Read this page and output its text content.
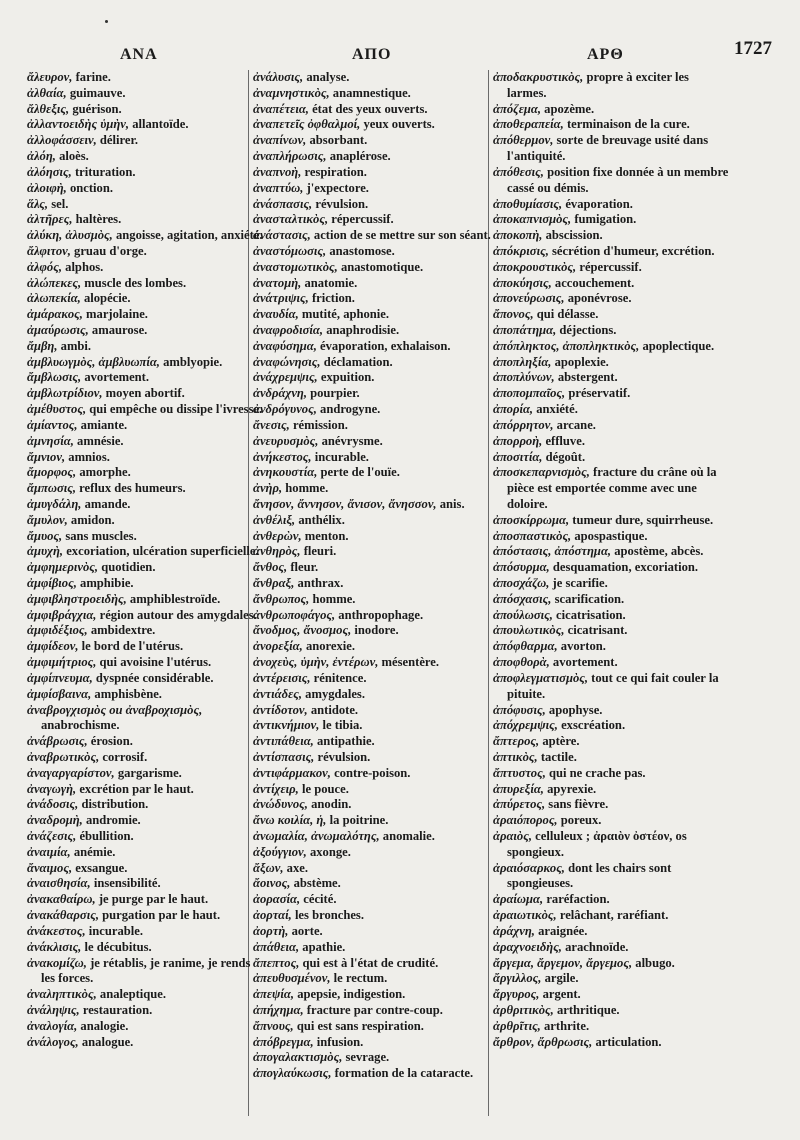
ANA	ΑΠΟ	ΑΡΘ	1727

ἄλευρον, farine.

ἀλθαία, guimauve.

ἄλθεξις, guérison.

ἀλλαντοειδὴς ὑμὴν, allantoïde.

ἀλλοφάσσειν, délirer.

ἀλόη, aloès.

ἀλόησις, trituration.

ἀλοιφὴ, onction.

ἅλς, sel.

ἀλτῆρες, haltères.

ἀλύκη, ἀλυσμὸς, angoisse, agitation, anxiété.

ἄλφιτον, gruau d'orge.

ἀλφός, alphos.

ἀλώπεκες, muscle des lombes.

ἀλωπεκία, alopécie.

ἀμάρακος, marjolaine.

ἀμαύρωσις, amaurose.

ἄμβη, ambi.

ἀμβλυωγμὸς, ἀμβλυωπία, amblyopie.

ἄμβλωσις, avortement.

ἀμβλωτρίδιον, moyen abortif.

ἀμέθυστος, qui empêche ou dissipe l'ivresse.

ἀμίαντος, amiante.

ἀμνησία, amnésie.

ἄμνιον, amnios.

ἄμορφος, amorphe.

ἄμπωσις, reflux des humeurs.

ἀμυγδάλη, amande.

ἄμυλον, amidon.

ἄμυος, sans muscles.

ἀμυχὴ, excoriation, ulcération superficielle.

ἀμφημερινὸς, quotidien.

ἀμφίβιος, amphibie.

ἀμφιβληστροειδὴς, amphiblestroïde.

ἀμφιβράγχια, région autour des amygdales.

ἀμφιδέξιος, ambidextre.

ἀμφίδεον, le bord de l'utérus.

ἀμφιμήτριος, qui avoisine l'utérus.

ἀμφίπνευμα, dyspnée considérable.

ἀμφίσβαινα, amphisbène.

ἀναβρογχισμὸς ou ἀναβροχισμὸς, anabrochisme.

ἀνάβρωσις, érosion.

ἀναβρωτικὸς, corrosif.

ἀναγαργαρίστον, gargarisme.

ἀναγωγὴ, excrétion par le haut.

ἀνάδοσις, distribution.

ἀναδρομὴ, andromie.

ἀνάζεσις, ébullition.

ἀναιμία, anémie.

ἄναιμος, exsangue.

ἀναισθησία, insensibilité.

ἀνακαθαίρω, je purge par le haut.

ἀνακάθαρσις, purgation par le haut.

ἀνάκεστος, incurable.

ἀνάκλισις, le décubitus.

ἀνακομίζω, je rétablis, je ranime, je rends les forces.

ἀναληπτικὸς, analeptique.

ἀνάληψις, restauration.

ἀναλογία, analogie.

ἀνάλογος, analogue.

ἀνάλυσις, analyse.

ἀναμνηστικὸς, anamnestique.

ἀναπέτεια, état des yeux ouverts.

ἀναπετεῖς ὀφθαλμοί, yeux ouverts.

ἀναπίνων, absorbant.

ἀναπλήρωσις, anaplérose.

ἀναπνοὴ, respiration.

ἀναπτύω, j'expectore.

ἀνάσπασις, révulsion.

ἀνασταλτικὸς, répercussif.

ἀνάστασις, action de se mettre sur son séant.

ἀναστόμωσις, anastomose.

ἀναστομωτικὸς, anastomotique.

ἀνατομὴ, anatomie.

ἀνάτριψις, friction.

ἀναυδία, mutité, aphonie.

ἀναφροδισία, anaphrodisie.

ἀναφύσημα, évaporation, exhalaison.

ἀναφώνησις, déclamation.

ἀνάχρεμψις, expuition.

ἀνδράχνη, pourpier.

ἀνδρόγυνος, androgyne.

ἄνεσις, rémission.

ἀνευρυσμὸς, anévrysme.

ἀνήκεστος, incurable.

ἀνηκουστία, perte de l'ouïe.

ἀνὴρ, homme.

ἄνησον, ἄννησον, ἄνισον, ἄνησσον, anis.

ἀνθέλιξ, anthélix.

ἀνθερὼν, menton.

ἀνθηρὸς, fleuri.

ἄνθος, fleur.

ἄνθραξ, anthrax.

ἄνθρωπος, homme.

ἀνθρωποφάγος, anthropophage.

ἄνοδμος, ἄνοσμος, inodore.

ἀνορεξία, anorexie.

ἀνοχεὺς, ὑμὴν, ἐντέρων, mésentère.

ἀντέρεισις, rénitence.

ἀντιάδες, amygdales.

ἀντίδοτον, antidote.

ἀντικνήμιον, le tibia.

ἀντιπάθεια, antipathie.

ἀντίσπασις, révulsion.

ἀντιφάρμακον, contre-poison.

ἀντίχειρ, le pouce.

ἀνώδυνος, anodin.

ἄνω κοιλία, ἡ, la poitrine.

ἀνωμαλία, ἀνωμαλότης, anomalie.

ἀξούγγιον, axonge.

ἄξων, axe.

ἄοινος, abstème.

ἀορασία, cécité.

ἀορταί, les bronches.

ἀορτὴ, aorte.

ἀπάθεια, apathie.

ἄπεπτος, qui est à l'état de crudité.

ἀπευθυσμένον, le rectum.

ἀπεψία, apepsie, indigestion.

ἀπήχημα, fracture par contre-coup.

ἄπνους, qui est sans respiration.

ἀπόβρεγμα, infusion.

ἀπογαλακτισμὸς, sevrage.

ἀπογλαύκωσις, formation de la cataracte.

ἀποδακρυστικὸς, propre à exciter les larmes.

ἀπόζεμα, apozème.

ἀποθεραπεία, terminaison de la cure.

ἀπόθερμον, sorte de breuvage usité dans l'antiquité.

ἀπόθεσις, position fixe donnée à un membre cassé ou démis.

ἀποθυμίασις, évaporation.

ἀποκαπνισμὸς, fumigation.

ἀποκοπὴ, abscission.

ἀπόκρισις, sécrétion d'humeur, excrétion.

ἀποκρουστικὸς, répercussif.

ἀποκύησις, accouchement.

ἀπονεύρωσις, aponévrose.

ἄπονος, qui délasse.

ἀποπάτημα, déjections.

ἀπόπληκτος, ἀποπληκτικὸς, apoplectique.

ἀποπληξία, apoplexie.

ἀποπλύνων, abstergent.

ἀποπομπαῖος, préservatif.

ἀπορία, anxiété.

ἀπόρρητον, arcane.

ἀπορροὴ, effluve.

ἀποσιτία, dégoût.

ἀποσκεπαρνισμὸς, fracture du crâne où la pièce est emportée comme avec une doloire.

ἀποσκίρρωμα, tumeur dure, squirrheuse.

ἀποσπαστικὸς, apospastique.

ἀπόστασις, ἀπόστημα, apostème, abcès.

ἀπόσυρμα, desquamation, excoriation.

ἀποσχάζω, je scarifie.

ἀπόσχασις, scarification.

ἀπούλωσις, cicatrisation.

ἀπουλωτικὸς, cicatrisant.

ἀπόφθαρμα, avorton.

ἀποφθορὰ, avortement.

ἀποφλεγματισμὸς, tout ce qui fait couler la pituite.

ἀπόφυσις, apophyse.

ἀπόχρεμψις, exscréation.

ἄπτερος, aptère.

ἀπτικὸς, tactile.

ἄπτυστος, qui ne crache pas.

ἀπυρεξία, apyrexie.

ἀπύρετος, sans fièvre.

ἀραιόπορος, poreux.

ἀραιὸς, celluleux ; ἀραιὸν ὀστέον, os spongieux.

ἀραιόσαρκος, dont les chairs sont spongieuses.

ἀραίωμα, raréfaction.

ἀραιωτικὸς, relâchant, raréfiant.

ἀράχνη, araignée.

ἀραχνοειδὴς, arachnoïde.

ἄργεμα, ἄργεμον, ἄργεμος, albugo.

ἄργιλλος, argile.

ἄργυρος, argent.

ἀρθριτικὸς, arthritique.

ἀρθρῖτις, arthrite.

ἄρθρον, ἄρθρωσις, articulation.
